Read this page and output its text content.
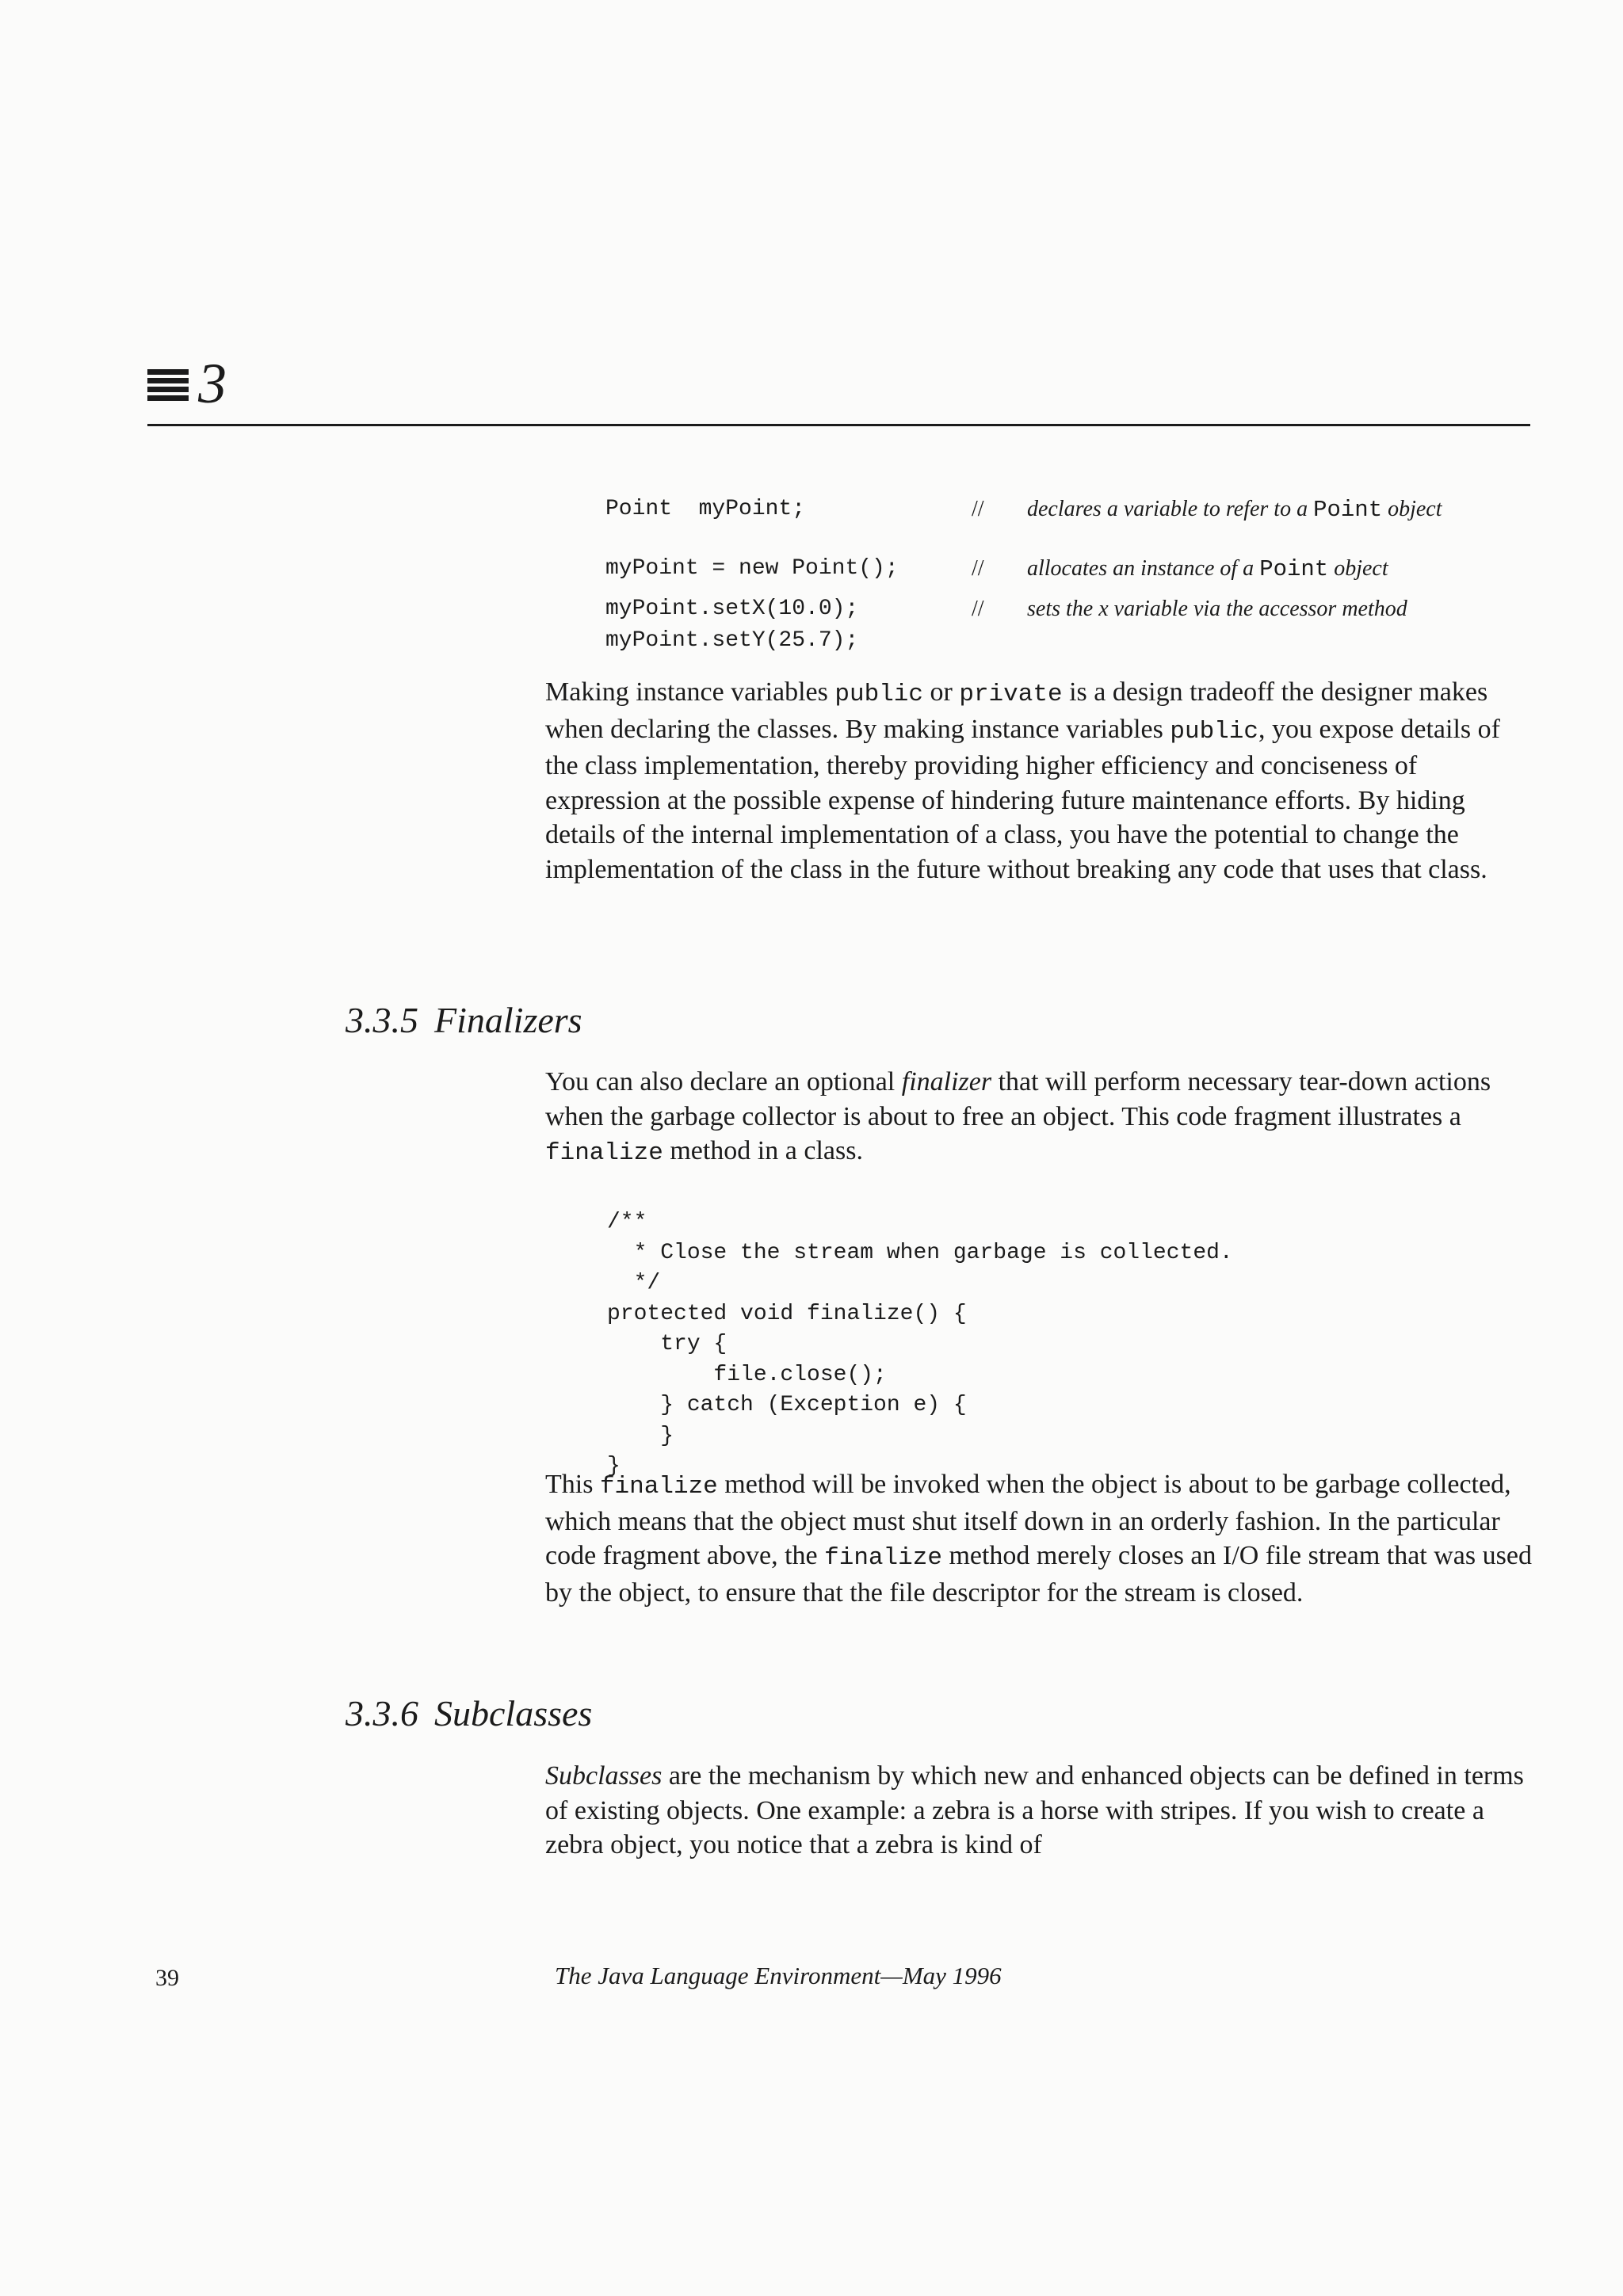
3
Point  myPoint;	// declares a variable to refer to a Point object
myPoint = new Point();	// allocates an instance of a Point object
myPoint.setX(10.0);	// sets the x variable via the accessor method
myPoint.setY(25.7);

Making instance variables public or private is a design tradeoff the designer makes when declaring the classes. By making instance variables public, you expose details of the class implementation, thereby providing higher efficiency and conciseness of expression at the possible expense of hindering future maintenance efforts. By hiding details of the internal implementation of a class, you have the potential to change the implementation of the class in the future without breaking any code that uses that class.

3.3.5 Finalizers

You can also declare an optional finalizer that will perform necessary tear-down actions when the garbage collector is about to free an object. This code fragment illustrates a finalize method in a class.

/**
* Close the stream when garbage is collected.
*/
protected void finalize() {
try {
file.close();
} catch (Exception e) {
}
}

This finalize method will be invoked when the object is about to be garbage collected, which means that the object must shut itself down in an orderly fashion. In the particular code fragment above, the finalize method merely closes an I/O file stream that was used by the object, to ensure that the file descriptor for the stream is closed.

3.3.6 Subclasses

Subclasses are the mechanism by which new and enhanced objects can be defined in terms of existing objects. One example: a zebra is a horse with stripes. If you wish to create a zebra object, you notice that a zebra is kind of

39	The Java Language Environment—May 1996
